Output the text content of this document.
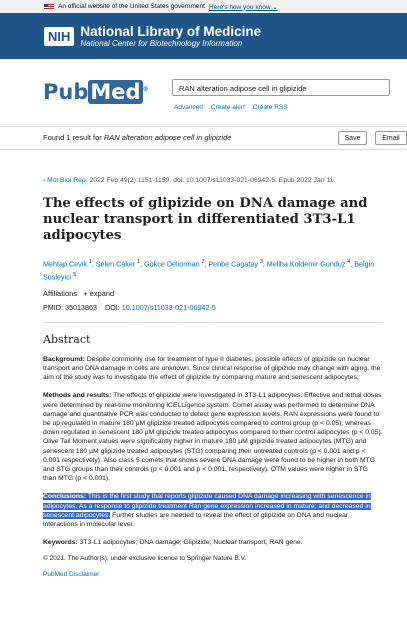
An official website of the United States government Here's how you know ⌄
NIH National Library of Medicine
National Center for Biotechnology Information
PubMed ®	RAN alteration adipose cell in glipizide
Advanced Create alert Create RSS
Found 1 result for RAN alteration adipose cell in glipizide	Save	Email
› Mol Biol Rep. 2022 Feb;49(2):1151-1159. doi: 10.1007/s11033-021-06942-5. Epub 2022 Jan 11.
The effects of glipizide on DNA damage and nuclear transport in differentiated 3T3-L1 adipocytes
Mehtap Cevik $^1$, Selen Caker $^1$, Gokce Deliorman $^2$, Penbe Cagatay $^3$, Meliha Koldemir Gunduz $^4$, Belgin Susleyici $^5$
Affiliations + expand
PMID: 35013863 DOI: 10.1007/s11033-021-06942-5
Abstract
Background: Despite commonly use for treatment of type II diabetes, possible effects of glipizide on nuclear transport and DNA damage in cells are unknown. Since clinical response of glipizide may change with aging, the aim of the study was to investigate the effect of glipizide by comparing mature and senescent adipocytes.
Methods and results: The effects of glipizide were investigated in 3T3-L1 adipocytes. Effective and lethal doses were determined by real-time monitoring iCELLigence system. Comet assay was performed to determine DNA damage and quantitative PCR was conducted to detect gene expression levels. RAN expressions were found to be up regulated in mature 180 µM glipizide treated adipocytes compared to control group (p < 0.05); whereas down regulated in senescent 180 µM glipizide treated adipocytes compared to their control adipocytes (p < 0.05). Olive Tail Moment values were significantly higher in mature 180 µM glipizide treated adipocytes (MTG) and senescent 180 µM glipizide treated adipocytes (STG) comparing their untreated controls (p < 0.001 and p < 0.001 respectively). Also class 5 comets that shows severe DNA damage were found to be higher in both MTG and STG groups than their controls (p < 0.001 and p < 0.001, respectively). OTM values were higher in STG than MTG (p < 0.001).
Conclusions: This is the first study that reports glipizide caused DNA damage increasing with senescence in adipocytes. As a response to glipizide treatment Ran gene expression increased in mature; and decreased in senescent adipocytes. Further studies are needed to reveal the effect of glipizide on DNA and nuclear interactions in molecular level.
Keywords: 3T3-L1 adipocytes; DNA damage; Glipizide; Nuclear transport; RAN gene.
© 2021. The Author(s), under exclusive licence to Springer Nature B.V.
PubMed Disclaimer
